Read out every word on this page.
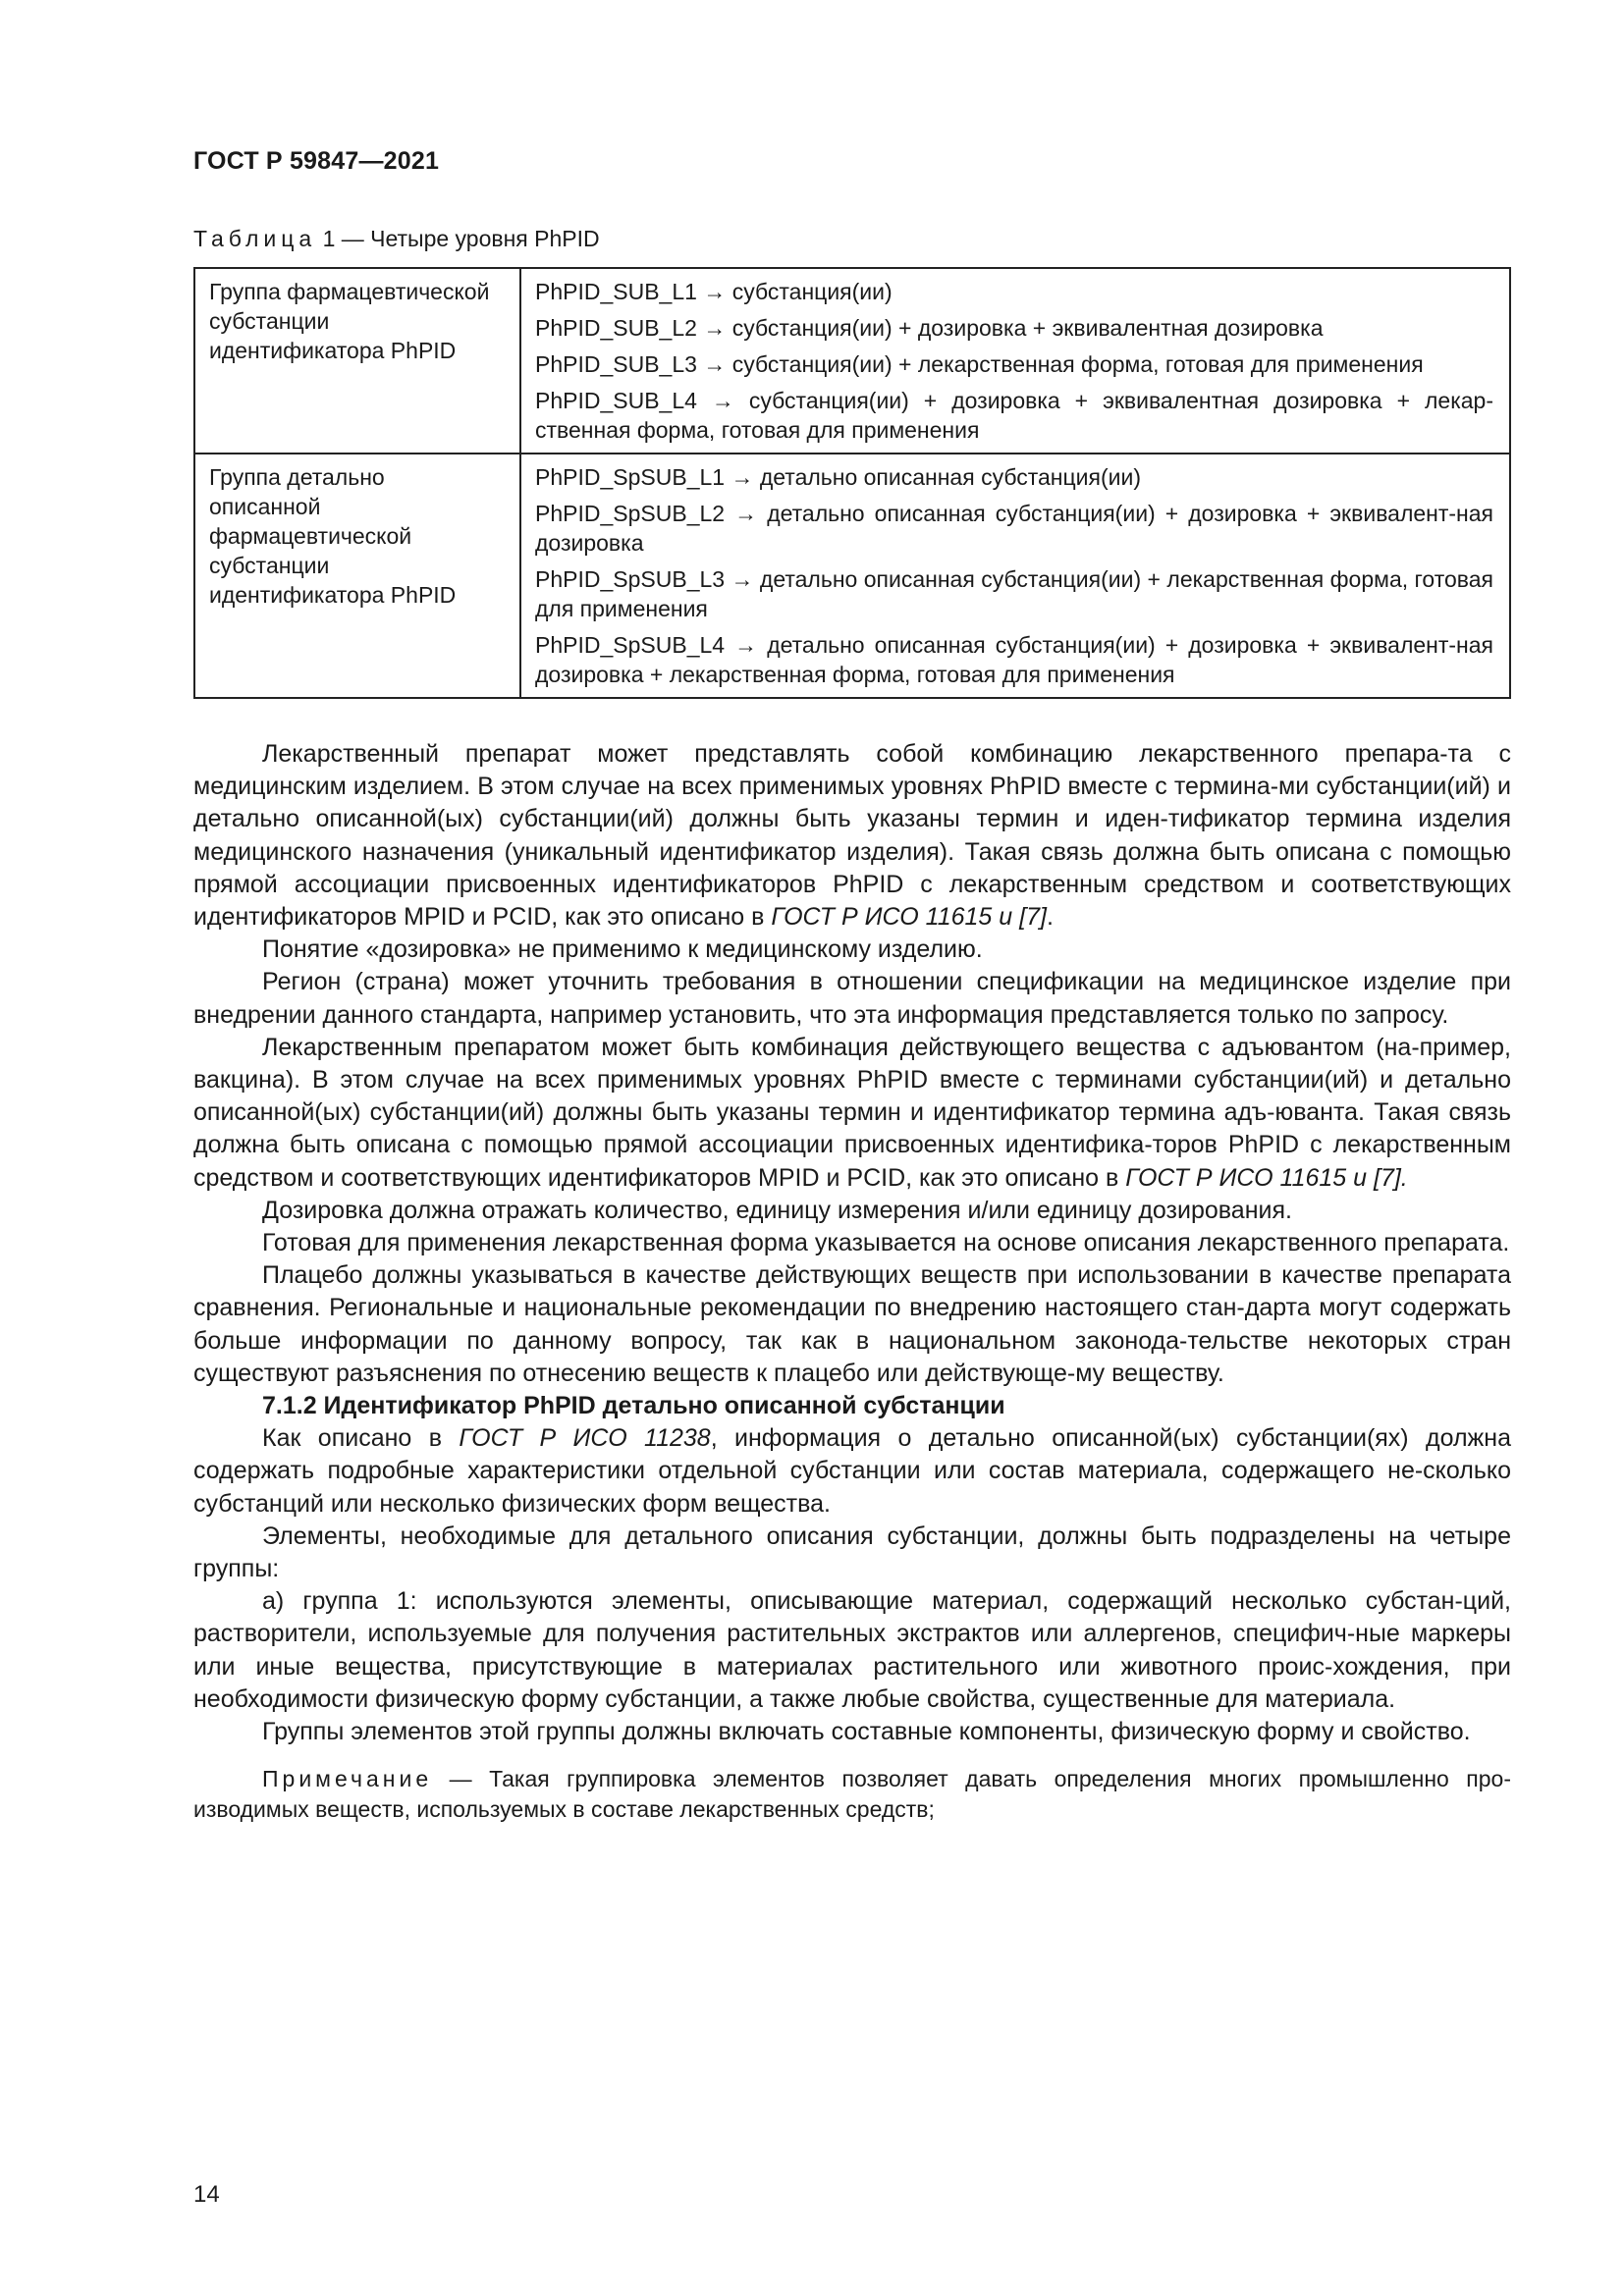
ГОСТ Р 59847—2021
Таблица 1 — Четыре уровня PhPID
Группа фармацевтической субстанции идентификатора PhPID	PhPID_SUB_L1 → субстанция(ии)
PhPID_SUB_L2 → субстанция(ии) + дозировка + эквивалентная дозировка
PhPID_SUB_L3 → субстанция(ии) + лекарственная форма, готовая для применения
PhPID_SUB_L4 → субстанция(ии) + дозировка + эквивалентная дозировка + лекар-ственная форма, готовая для применения

Группа детально описанной фармацевтической субстанции идентификатора PhPID	PhPID_SpSUB_L1 → детально описанная субстанция(ии)
PhPID_SpSUB_L2 → детально описанная субстанция(ии) + дозировка + эквивалент-ная дозировка
PhPID_SpSUB_L3 → детально описанная субстанция(ии) + лекарственная форма, готовая для применения
PhPID_SpSUB_L4 → детально описанная субстанция(ии) + дозировка + эквивалент-ная дозировка + лекарственная форма, готовая для применения

Лекарственный препарат может представлять собой комбинацию лекарственного препара-та с медицинским изделием. В этом случае на всех применимых уровнях PhPID вместе с термина-ми субстанции(ий) и детально описанной(ых) субстанции(ий) должны быть указаны термин и иден-тификатор термина изделия медицинского назначения (уникальный идентификатор изделия). Такая связь должна быть описана с помощью прямой ассоциации присвоенных идентификаторов PhPID с лекарственным средством и соответствующих идентификаторов MPID и PCID, как это описано в ГОСТ Р ИСО 11615 и [7].

Понятие «дозировка» не применимо к медицинскому изделию.

Регион (страна) может уточнить требования в отношении спецификации на медицинское изделие при внедрении данного стандарта, например установить, что эта информация представляется только по запросу.

Лекарственным препаратом может быть комбинация действующего вещества с адъювантом (на-пример, вакцина). В этом случае на всех применимых уровнях PhPID вместе с терминами субстанции(ий) и детально описанной(ых) субстанции(ий) должны быть указаны термин и идентификатор термина адъ-юванта. Такая связь должна быть описана с помощью прямой ассоциации присвоенных идентифика-торов PhPID с лекарственным средством и соответствующих идентификаторов MPID и PCID, как это описано в ГОСТ Р ИСО 11615 и [7].

Дозировка должна отражать количество, единицу измерения и/или единицу дозирования.

Готовая для применения лекарственная форма указывается на основе описания лекарственного препарата.

Плацебо должны указываться в качестве действующих веществ при использовании в качестве препарата сравнения. Региональные и национальные рекомендации по внедрению настоящего стан-дарта могут содержать больше информации по данному вопросу, так как в национальном законода-тельстве некоторых стран существуют разъяснения по отнесению веществ к плацебо или действующе-му веществу.

7.1.2 Идентификатор PhPID детально описанной субстанции

Как описано в ГОСТ Р ИСО 11238, информация о детально описанной(ых) субстанции(ях) должна содержать подробные характеристики отдельной субстанции или состав материала, содержащего не-сколько субстанций или несколько физических форм вещества.

Элементы, необходимые для детального описания субстанции, должны быть подразделены на четыре группы:

а) группа 1: используются элементы, описывающие материал, содержащий несколько субстан-ций, растворители, используемые для получения растительных экстрактов или аллергенов, специфич-ные маркеры или иные вещества, присутствующие в материалах растительного или животного проис-хождения, при необходимости физическую форму субстанции, а также любые свойства, существенные для материала.

Группы элементов этой группы должны включать составные компоненты, физическую форму и свойство.

Примечание — Такая группировка элементов позволяет давать определения многих промышленно про-изводимых веществ, используемых в составе лекарственных средств;

14
